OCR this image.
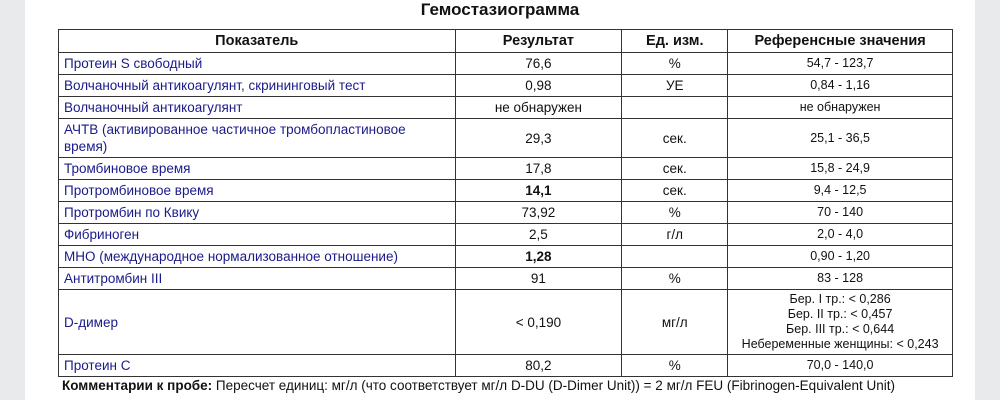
Гемостазиограмма
Показатель	Результат	Ед. изм.	Референсные значения
Протеин S свободный	76,6	%	54,7 - 123,7
Волчаночный антикоагулянт, скрининговый тест	0,98	УЕ	0,84 - 1,16
Волчаночный антикоагулянт	не обнаружен		не обнаружен
АЧТВ (активированное частичное тромбопластиновое время)	29,3	сек.	25,1 - 36,5
Тромбиновое время	17,8	сек.	15,8 - 24,9
Протромбиновое время	14,1	сек.	9,4 - 12,5
Протромбин по Квику	73,92	%	70 - 140
Фибриноген	2,5	г/л	2,0 - 4,0
МНО (международное нормализованное отношение)	1,28		0,90 - 1,20
Антитромбин III	91	%	83 - 128
D-димер	< 0,190	мг/л	Бер. I тр.: < 0,286
Бер. II тр.: < 0,457
Бер. III тр.: < 0,644
Небеременные женщины: < 0,243

Протеин С	80,2	%	70,0 - 140,0
Комментарии к пробе: Пересчет единиц: мг/л (что соответствует мг/л D-DU (D-Dimer Unit)) = 2 мг/л FEU (Fibrinogen-Equivalent Unit)
